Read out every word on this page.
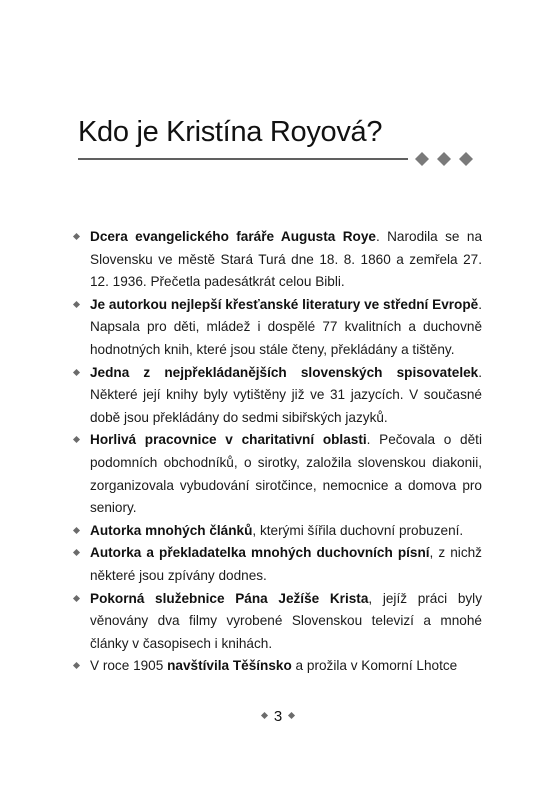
Kdo je Kristína Royová?
Dcera evangelického faráře Augusta Roye. Narodila se na Slovensku ve městě Stará Turá dne 18. 8. 1860 a zemřela 27. 12. 1936. Přečetla padesátkrát celou Bibli.
Je autorkou nejlepší křesťanské literatury ve střední Evropě. Napsala pro děti, mládež i dospělé 77 kvalitních a duchovně hodnotných knih, které jsou stále čteny, překládány a tištěny.
Jedna z nejpřekládanějších slovenských spisovatelek. Některé její knihy byly vytištěny již ve 31 jazycích. V současné době jsou překládány do sedmi sibiřských jazyků.
Horlivá pracovnice v charitativní oblasti. Pečovala o děti podomních obchodníků, o sirotky, založila slovenskou diakonii, zorganizovala vybudování sirotčince, nemocnice a domova pro seniory.
Autorka mnohých článků, kterými šířila duchovní probuzení.
Autorka a překladatelka mnohých duchovních písní, z nichž některé jsou zpívány dodnes.
Pokorná služebnice Pána Ježíše Krista, jejíž práci byly věnovány dva filmy vyrobené Slovenskou televizí a mnohé články v časopisech i knihách.
V roce 1905 navštívila Těšínsko a prožila v Komorní Lhotce
3
